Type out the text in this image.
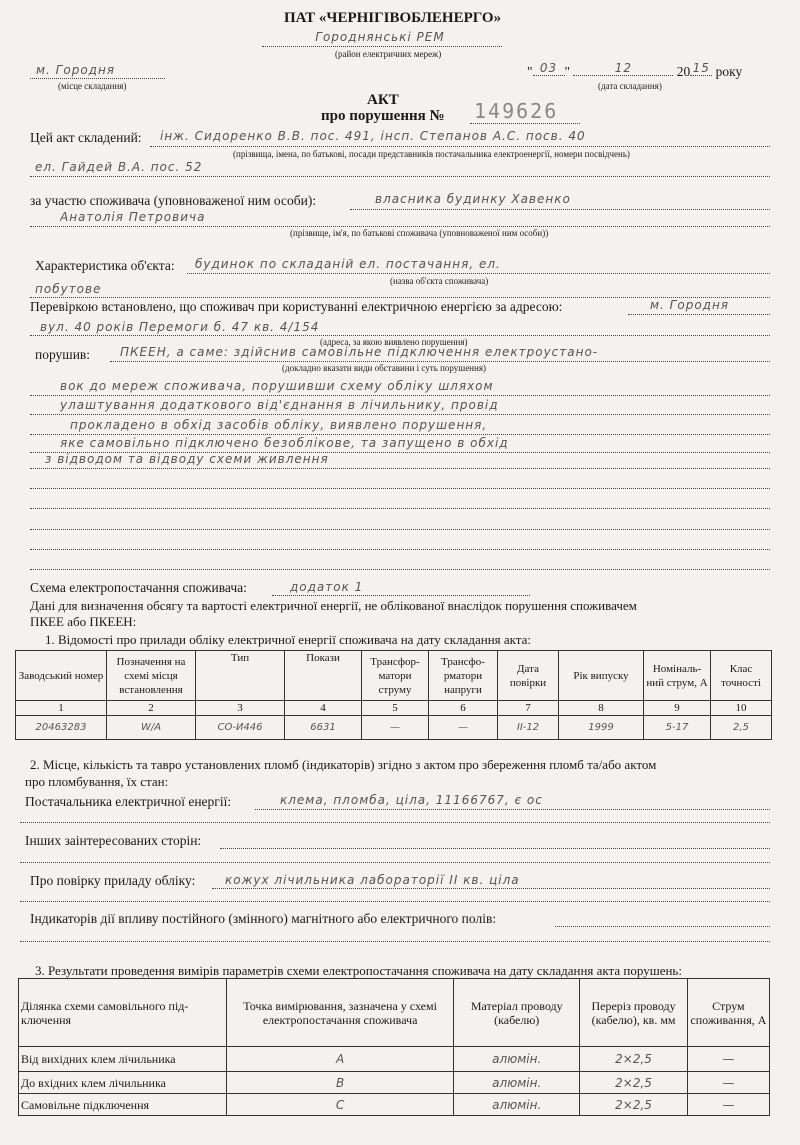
ПАТ «ЧЕРНІГІВОБЛЕНЕРГО»
Городнянські РЕМ
(район електричних мереж)
м. Городня
(місце складання)
" 03 "	12	20 15 року
(дата складання)
АКТ
про порушення № 149626
Цей акт складений: інж. Сидоренко В.В. пос. 491, інсп. Степанов А.С. посв. 40
(прізвища, імена, по батькові, посади представників постачальника електроенергії, номери посвідчень)
ел. Гайдей В.А. пос. 52
за участю споживача (уповноваженої ним особи):	власника будинку Хавенко
Анатолія Петровича
(прізвище, ім'я, по батькові споживача (уповноваженої ним особи))
Характеристика об'єкта: будинок по складаній ел. постачання, ел.
(назва об'єкта споживача)
побутове
Перевіркою встановлено, що споживач при користуванні електричною енергією за адресою:	м. Городня
вул. 40 років Перемоги б. 47 кв. 4/154
(адреса, за якою виявлено порушення)
порушив: ПКЕЕН, а саме: здійснив самовільне підключення електроустано-
(докладно вказати види обставини і суть порушення)
вок до мереж споживача, порушивши схему обліку шляхом
улаштування додаткового від'єднання в лічильнику, провід
прокладено в обхід засобів обліку, виявлено порушення,
яке самовільно підключено безоблікове, та запущено в обхід
з відводом та відводу схеми живлення
Схема електропостачання споживача:	додаток 1
Дані для визначення обсягу та вартості електричної енергії, не облікованої внаслідок порушення споживачем
ПКЕЕ або ПКЕЕН:
1. Відомості про прилади обліку електричної енергії споживача на дату складання акта:
Заводський номер	Позначення на схемі місця встановлення	Тип	Покази	Трансфор-матори струму	Трансфо-рматори напруги	Дата повірки	Рік випуску	Номіналь-ний струм, А	Клас точності
1	2	3	4	5	6	7	8	9	10
20463283	W/A	СО-И446	6631	—	—	II-12	1999	5-17	2,5
2. Місце, кількість та тавро установлених пломб (індикаторів) згідно з актом про збереження пломб та/або актом
про пломбування, їх стан:
Постачальника електричної енергії:	клема, пломба, ціла, 11166767, є ос
Інших заінтересованих сторін:
Про повірку приладу обліку: кожух лічильника лабораторії II кв. ціла
Індикаторів дії впливу постійного (змінного) магнітного або електричного полів:
3. Результати проведення вимірів параметрів схеми електропостачання споживача на дату складання акта порушень:
Ділянка схеми самовільного під-ключення	Точка вимірювання, зазначена у схемі електропостачання споживача	Матеріал проводу (кабелю)	Переріз проводу (кабелю), кв. мм	Струм споживання, А
Від вихідних клем лічильника	А	алюмін.	2×2,5	—
До вхідних клем лічильника	В	алюмін.	2×2,5	—
Самовільне підключення	С	алюмін.	2×2,5	—
